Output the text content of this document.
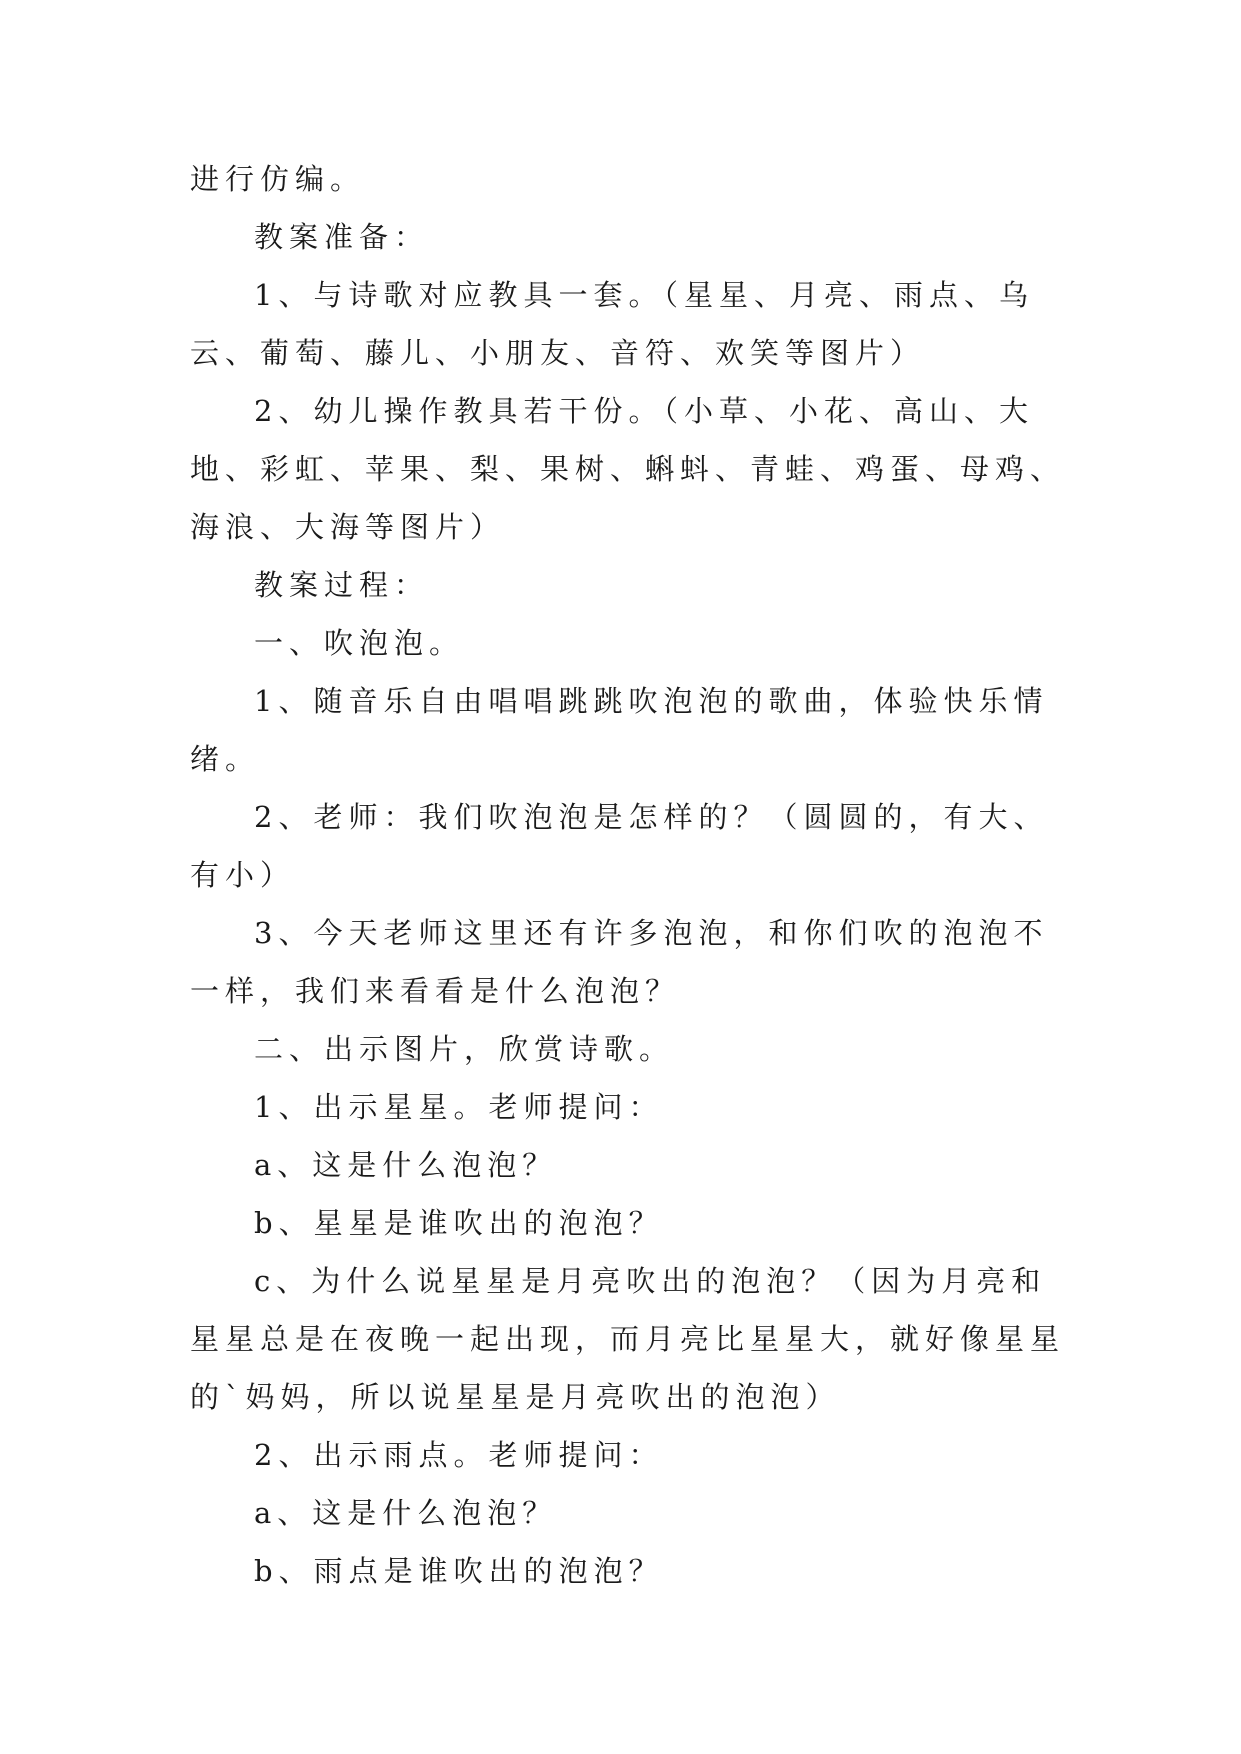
进行仿编。

教案准备：

1、与诗歌对应教具一套。（星星、月亮、雨点、乌云、葡萄、藤儿、小朋友、音符、欢笑等图片）

2、幼儿操作教具若干份。（小草、小花、高山、大地、彩虹、苹果、梨、果树、蝌蚪、青蛙、鸡蛋、母鸡、海浪、大海等图片）

教案过程：

一、吹泡泡。

1、随音乐自由唱唱跳跳吹泡泡的歌曲，体验快乐情绪。

2、老师：我们吹泡泡是怎样的？（圆圆的，有大、有小）

3、今天老师这里还有许多泡泡，和你们吹的泡泡不一样，我们来看看是什么泡泡？

二、出示图片，欣赏诗歌。

1、出示星星。老师提问：

a、这是什么泡泡？

b、星星是谁吹出的泡泡？

c、为什么说星星是月亮吹出的泡泡？（因为月亮和星星总是在夜晚一起出现，而月亮比星星大，就好像星星的`妈妈，所以说星星是月亮吹出的泡泡）

2、出示雨点。老师提问：

a、这是什么泡泡？

b、雨点是谁吹出的泡泡？
